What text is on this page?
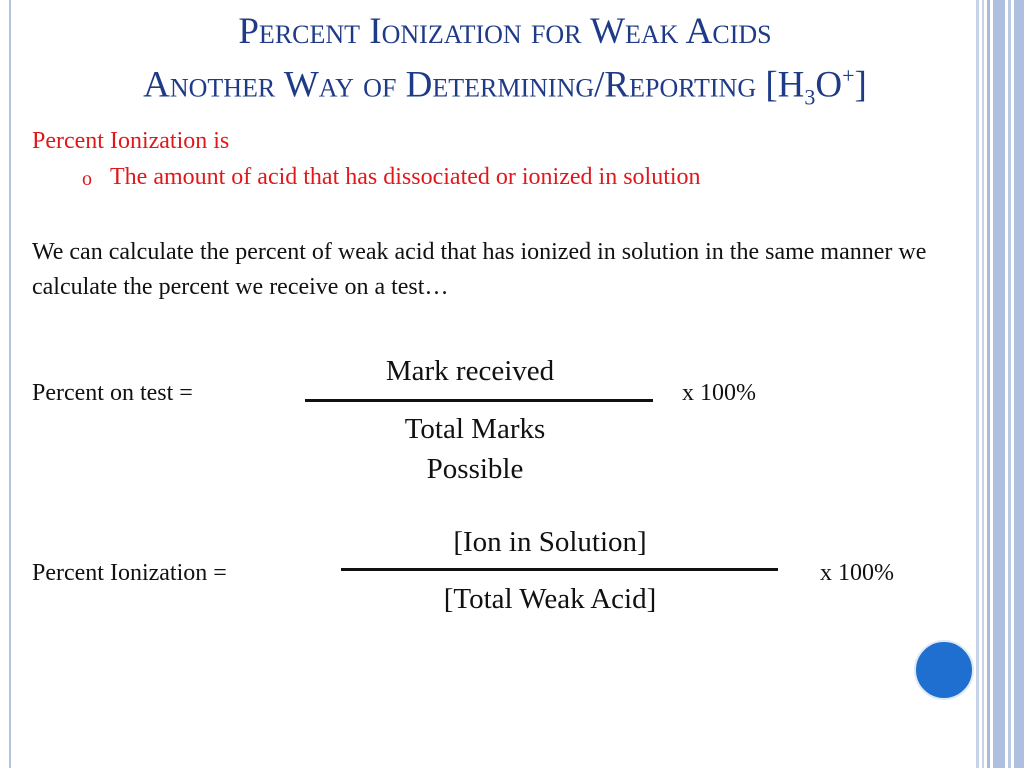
Percent Ionization for Weak Acids
Another Way of Determining/Reporting $[H_3O^+]$
Percent Ionization is
o The amount of acid that has dissociated or ionized in solution
We can calculate the percent of weak acid that has ionized in solution in the same manner we calculate the percent we receive on a test…
Percent on test =
Mark received
Total Marks
Possible
x 100%
Percent Ionization =
[Ion in Solution]
[Total Weak Acid]
x 100%
